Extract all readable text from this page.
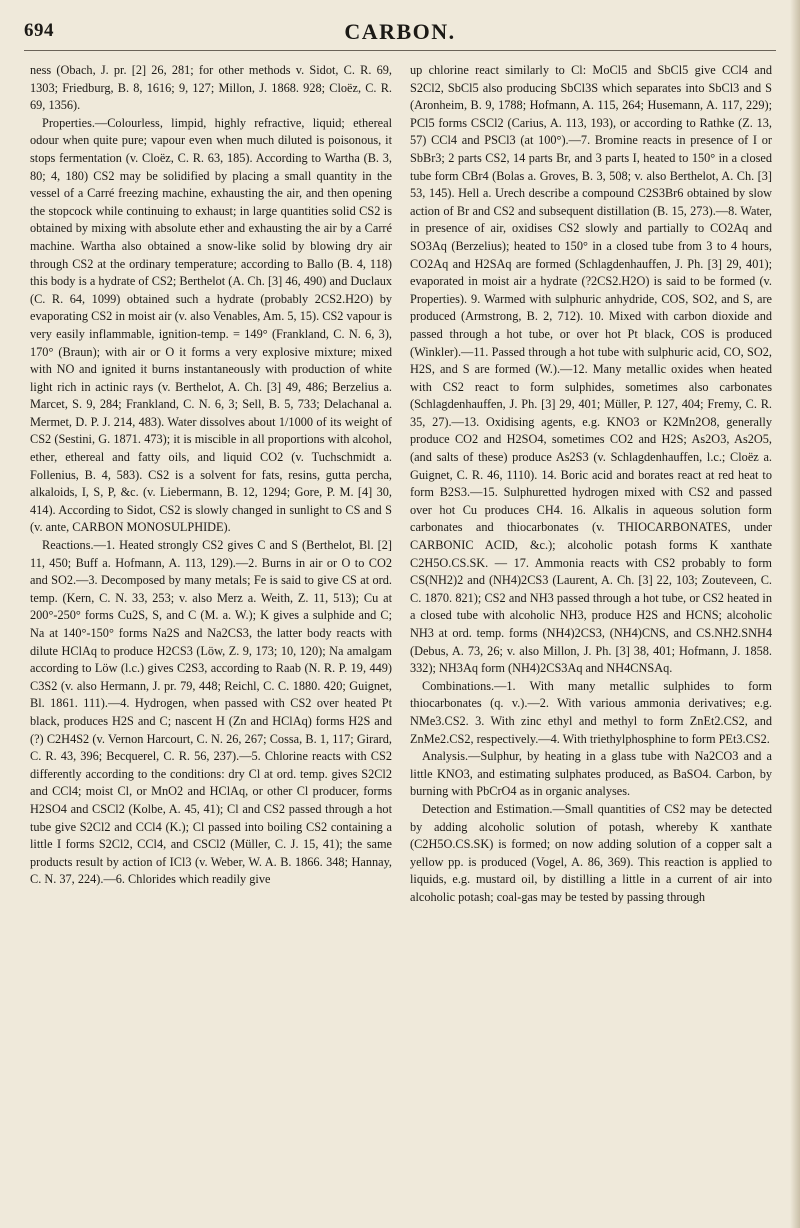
694	CARBON.

ness (Obach, J. pr. [2] 26, 281; for other methods v. Sidot, C. R. 69, 1303; Friedburg, B. 8, 1616; 9, 127; Millon, J. 1868. 928; Cloëz, C. R. 69, 1356).

Properties.—Colourless, limpid, highly refractive, liquid; ethereal odour when quite pure; vapour even when much diluted is poisonous, it stops fermentation (v. Cloëz, C. R. 63, 185). According to Wartha (B. 3, 80; 4, 180) CS2 may be solidified by placing a small quantity in the vessel of a Carré freezing machine, exhausting the air, and then opening the stopcock while continuing to exhaust; in large quantities solid CS2 is obtained by mixing with absolute ether and exhausting the air by a Carré machine. Wartha also obtained a snow-like solid by blowing dry air through CS2 at the ordinary temperature; according to Ballo (B. 4, 118) this body is a hydrate of CS2; Berthelot (A. Ch. [3] 46, 490) and Duclaux (C. R. 64, 1099) obtained such a hydrate (probably 2CS2.H2O) by evaporating CS2 in moist air (v. also Venables, Am. 5, 15). CS2 vapour is very easily inflammable, ignition-temp. = 149° (Frankland, C. N. 6, 3), 170° (Braun); with air or O it forms a very explosive mixture; mixed with NO and ignited it burns instantaneously with production of white light rich in actinic rays (v. Berthelot, A. Ch. [3] 49, 486; Berzelius a. Marcet, S. 9, 284; Frankland, C. N. 6, 3; Sell, B. 5, 733; Delachanal a. Mermet, D. P. J. 214, 483). Water dissolves about 1/1000 of its weight of CS2 (Sestini, G. 1871. 473); it is miscible in all proportions with alcohol, ether, ethereal and fatty oils, and liquid CO2 (v. Tuchschmidt a. Follenius, B. 4, 583). CS2 is a solvent for fats, resins, gutta percha, alkaloids, I, S, P, &c. (v. Liebermann, B. 12, 1294; Gore, P. M. [4] 30, 414). According to Sidot, CS2 is slowly changed in sunlight to CS and S (v. ante, CARBON MONOSULPHIDE).

Reactions.—1. Heated strongly CS2 gives C and S (Berthelot, Bl. [2] 11, 450; Buff a. Hofmann, A. 113, 129).—2. Burns in air or O to CO2 and SO2.—3. Decomposed by many metals; Fe is said to give CS at ord. temp. (Kern, C. N. 33, 253; v. also Merz a. Weith, Z. 11, 513); Cu at 200°-250° forms Cu2S, S, and C (M. a. W.); K gives a sulphide and C; Na at 140°-150° forms Na2S and Na2CS3, the latter body reacts with dilute HClAq to produce H2CS3 (Löw, Z. 9, 173; 10, 120); Na amalgam according to Löw (l.c.) gives C2S3, according to Raab (N. R. P. 19, 449) C3S2 (v. also Hermann, J. pr. 79, 448; Reichl, C. C. 1880. 420; Guignet, Bl. 1861. 111).—4. Hydrogen, when passed with CS2 over heated Pt black, produces H2S and C; nascent H (Zn and HClAq) forms H2S and (?) C2H4S2 (v. Vernon Harcourt, C. N. 26, 267; Cossa, B. 1, 117; Girard, C. R. 43, 396; Becquerel, C. R. 56, 237).—5. Chlorine reacts with CS2 differently according to the conditions: dry Cl at ord. temp. gives S2Cl2 and CCl4; moist Cl, or MnO2 and HClAq, or other Cl producer, forms H2SO4 and CSCl2 (Kolbe, A. 45, 41); Cl and CS2 passed through a hot tube give S2Cl2 and CCl4 (K.); Cl passed into boiling CS2 containing a little I forms S2Cl2, CCl4, and CSCl2 (Müller, C. J. 15, 41); the same products result by action of ICl3 (v. Weber, W. A. B. 1866. 348; Hannay, C. N. 37, 224).—6. Chlorides which readily give

up chlorine react similarly to Cl: MoCl5 and SbCl5 give CCl4 and S2Cl2, SbCl5 also producing SbCl3S which separates into SbCl3 and S (Aronheim, B. 9, 1788; Hofmann, A. 115, 264; Husemann, A. 117, 229); PCl5 forms CSCl2 (Carius, A. 113, 193), or according to Rathke (Z. 13, 57) CCl4 and PSCl3 (at 100°).—7. Bromine reacts in presence of I or SbBr3; 2 parts CS2, 14 parts Br, and 3 parts I, heated to 150° in a closed tube form CBr4 (Bolas a. Groves, B. 3, 508; v. also Berthelot, A. Ch. [3] 53, 145). Hell a. Urech describe a compound C2S3Br6 obtained by slow action of Br and CS2 and subsequent distillation (B. 15, 273).—8. Water, in presence of air, oxidises CS2 slowly and partially to CO2Aq and SO3Aq (Berzelius); heated to 150° in a closed tube from 3 to 4 hours, CO2Aq and H2SAq are formed (Schlagdenhauffen, J. Ph. [3] 29, 401); evaporated in moist air a hydrate (?2CS2.H2O) is said to be formed (v. Properties). 9. Warmed with sulphuric anhydride, COS, SO2, and S, are produced (Armstrong, B. 2, 712). 10. Mixed with carbon dioxide and passed through a hot tube, or over hot Pt black, COS is produced (Winkler).—11. Passed through a hot tube with sulphuric acid, CO, SO2, H2S, and S are formed (W.).—12. Many metallic oxides when heated with CS2 react to form sulphides, sometimes also carbonates (Schlagdenhauffen, J. Ph. [3] 29, 401; Müller, P. 127, 404; Fremy, C. R. 35, 27).—13. Oxidising agents, e.g. KNO3 or K2Mn2O8, generally produce CO2 and H2SO4, sometimes CO2 and H2S; As2O3, As2O5, (and salts of these) produce As2S3 (v. Schlagdenhauffen, l.c.; Cloëz a. Guignet, C. R. 46, 1110). 14. Boric acid and borates react at red heat to form B2S3.—15. Sulphuretted hydrogen mixed with CS2 and passed over hot Cu produces CH4. 16. Alkalis in aqueous solution form carbonates and thiocarbonates (v. THIOCARBONATES, under CARBONIC ACID, &c.); alcoholic potash forms K xanthate C2H5O.CS.SK. — 17. Ammonia reacts with CS2 probably to form CS(NH2)2 and (NH4)2CS3 (Laurent, A. Ch. [3] 22, 103; Zouteveen, C. C. 1870. 821); CS2 and NH3 passed through a hot tube, or CS2 heated in a closed tube with alcoholic NH3, produce H2S and HCNS; alcoholic NH3 at ord. temp. forms (NH4)2CS3, (NH4)CNS, and CS.NH2.SNH4 (Debus, A. 73, 26; v. also Millon, J. Ph. [3] 38, 401; Hofmann, J. 1858. 332); NH3Aq form (NH4)2CS3Aq and NH4CNSAq.

Combinations.—1. With many metallic sulphides to form thiocarbonates (q. v.).—2. With various ammonia derivatives; e.g. NMe3.CS2. 3. With zinc ethyl and methyl to form ZnEt2.CS2, and ZnMe2.CS2, respectively.—4. With triethylphosphine to form PEt3.CS2.

Analysis.—Sulphur, by heating in a glass tube with Na2CO3 and a little KNO3, and estimating sulphates produced, as BaSO4. Carbon, by burning with PbCrO4 as in organic analyses.

Detection and Estimation.—Small quantities of CS2 may be detected by adding alcoholic solution of potash, whereby K xanthate (C2H5O.CS.SK) is formed; on now adding solution of a copper salt a yellow pp. is produced (Vogel, A. 86, 369). This reaction is applied to liquids, e.g. mustard oil, by distilling a little in a current of air into alcoholic potash; coal-gas may be tested by passing through
